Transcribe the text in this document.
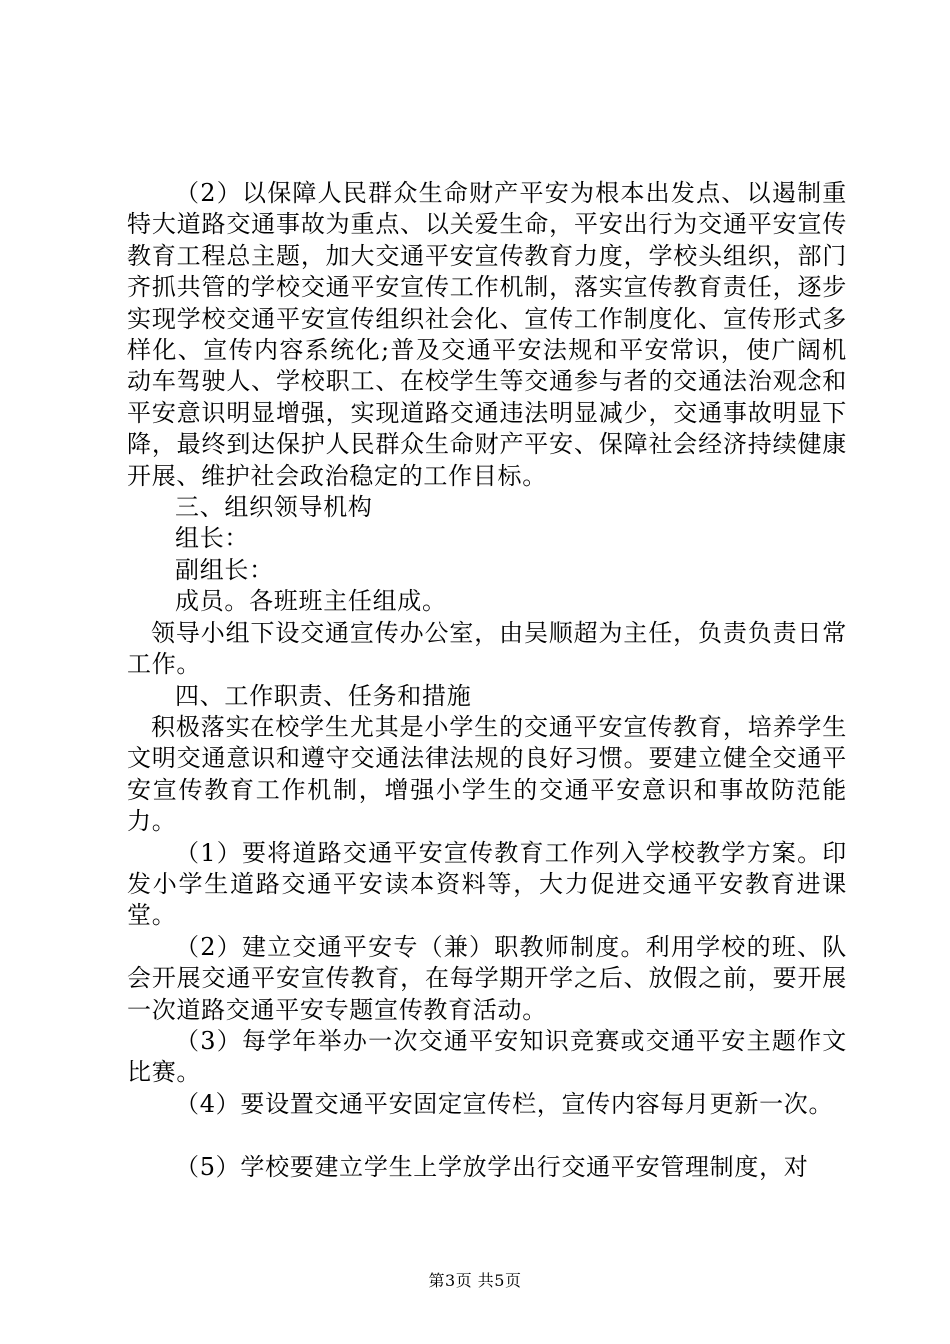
（2）以保障人民群众生命财产平安为根本出发点、以遏制重特大道路交通事故为重点、以关爱生命，平安出行为交通平安宣传教育工程总主题，加大交通平安宣传教育力度，学校头组织，部门齐抓共管的学校交通平安宣传工作机制，落实宣传教育责任，逐步实现学校交通平安宣传组织社会化、宣传工作制度化、宣传形式多样化、宣传内容系统化;普及交通平安法规和平安常识，使广阔机动车驾驶人、学校职工、在校学生等交通参与者的交通法治观念和平安意识明显增强，实现道路交通违法明显减少，交通事故明显下降，最终到达保护人民群众生命财产平安、保障社会经济持续健康开展、维护社会政治稳定的工作目标。

三、组织领导机构

组长：

副组长：

成员。各班班主任组成。

领导小组下设交通宣传办公室，由吴顺超为主任，负责负责日常工作。

四、工作职责、任务和措施

积极落实在校学生尤其是小学生的交通平安宣传教育，培养学生文明交通意识和遵守交通法律法规的良好习惯。要建立健全交通平安宣传教育工作机制，增强小学生的交通平安意识和事故防范能力。

（1）要将道路交通平安宣传教育工作列入学校教学方案。印发小学生道路交通平安读本资料等，大力促进交通平安教育进课堂。

（2）建立交通平安专（兼）职教师制度。利用学校的班、队会开展交通平安宣传教育，在每学期开学之后、放假之前，要开展一次道路交通平安专题宣传教育活动。

（3）每学年举办一次交通平安知识竞赛或交通平安主题作文比赛。

（4）要设置交通平安固定宣传栏，宣传内容每月更新一次。

（5）学校要建立学生上学放学出行交通平安管理制度，对

第3页 共5页
